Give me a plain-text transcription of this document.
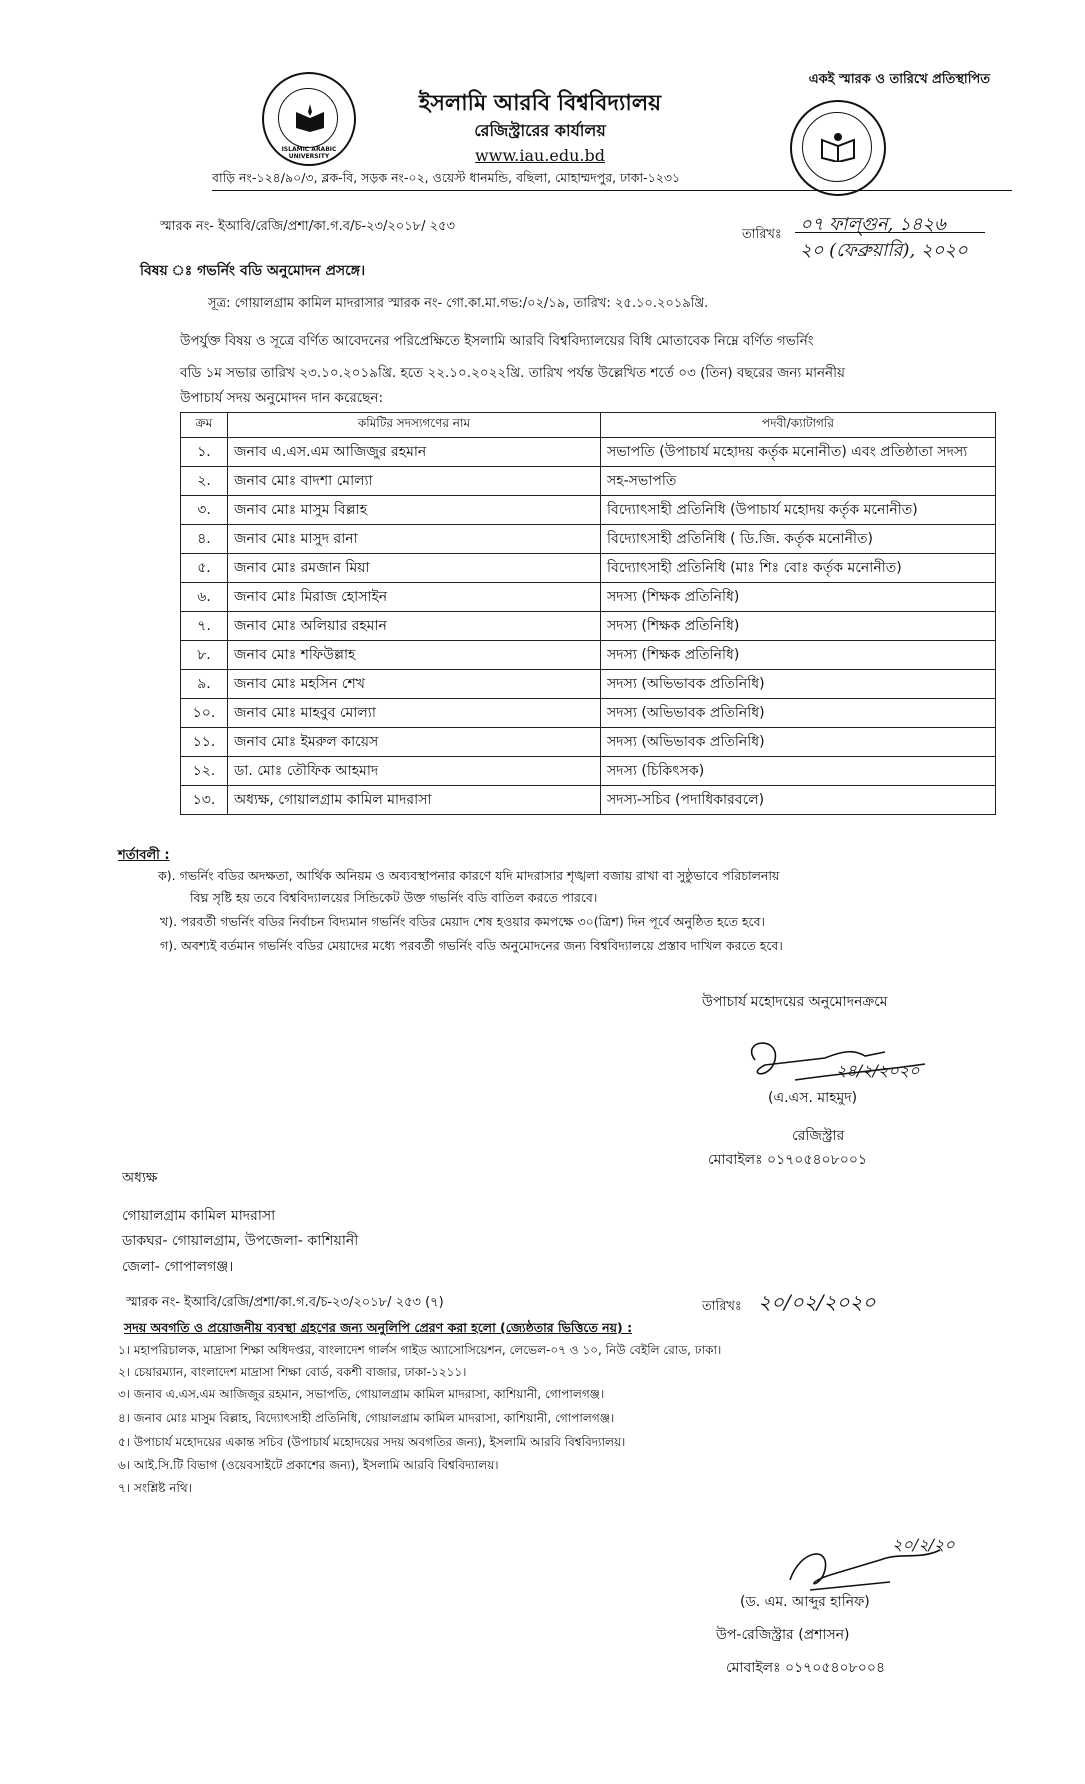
ISLAMIC ARABIC UNIVERSITY
ইসলামি আরবি বিশ্ববিদ্যালয়
রেজিস্ট্রারের কার্যালয়
www.iau.edu.bd
বাড়ি নং-১২৪/৯০/৩, ব্লক-বি, সড়ক নং-০২, ওয়েস্ট ধানমন্ডি, বছিলা, মোহাম্মদপুর, ঢাকা-১২৩১
একই স্মারক ও তারিখে প্রতিস্থাপিত
স্মারক নং- ইআবি/রেজি/প্রশা/কা.গ.ব/চ-২৩/২০১৮/ ২৫৩
তারিখঃ ০৭ ফাল্গুন, ১৪২৬
২০ (ফেব্রুয়ারি), ২০২০
বিষয় ঃ গভর্নিং বডি অনুমোদন প্রসঙ্গে।
সূত্র: গোয়ালগ্রাম কামিল মাদরাসার স্মারক নং- গো.কা.মা.গভ:/০২/১৯, তারিখ: ২৫.১০.২০১৯খ্রি.
উপর্যুক্ত বিষয় ও সূত্রে বর্ণিত আবেদনের পরিপ্রেক্ষিতে ইসলামি আরবি বিশ্ববিদ্যালয়ের বিধি মোতাবেক নিম্নে বর্ণিত গভর্নিং
বডি ১ম সভার তারিখ ২৩.১০.২০১৯খ্রি. হতে ২২.১০.২০২২খ্রি. তারিখ পর্যন্ত উল্লেখিত শর্তে ০৩ (তিন) বছরের জন্য মাননীয়
উপাচার্য সদয় অনুমোদন দান করেছেন:
ক্রম	কমিটির সদস্যগণের নাম	পদবী/ক্যাটাগরি
১.	জনাব এ.এস.এম আজিজুর রহমান	সভাপতি (উপাচার্য মহোদয় কর্তৃক মনোনীত) এবং প্রতিষ্ঠাতা সদস্য
২.	জনাব মোঃ বাদশা মোল্যা	সহ-সভাপতি
৩.	জনাব মোঃ মাসুম বিল্লাহ	বিদ্যোৎসাহী প্রতিনিধি (উপাচার্য মহোদয় কর্তৃক মনোনীত)
৪.	জনাব মোঃ মাসুদ রানা	বিদ্যোৎসাহী প্রতিনিধি ( ডি.জি. কর্তৃক মনোনীত)
৫.	জনাব মোঃ রমজান মিয়া	বিদ্যোৎসাহী প্রতিনিধি (মাঃ শিঃ বোঃ কর্তৃক মনোনীত)
৬.	জনাব মোঃ মিরাজ হোসাইন	সদস্য (শিক্ষক প্রতিনিধি)
৭.	জনাব মোঃ অলিয়ার রহমান	সদস্য (শিক্ষক প্রতিনিধি)
৮.	জনাব মোঃ শফিউল্লাহ	সদস্য (শিক্ষক প্রতিনিধি)
৯.	জনাব মোঃ মহসিন শেখ	সদস্য (অভিভাবক প্রতিনিধি)
১০.	জনাব মোঃ মাহবুব মোল্যা	সদস্য (অভিভাবক প্রতিনিধি)
১১.	জনাব মোঃ ইমরুল কায়েস	সদস্য (অভিভাবক প্রতিনিধি)
১২.	ডা. মোঃ তৌফিক আহমাদ	সদস্য (চিকিৎসক)
১৩.	অধ্যক্ষ, গোয়ালগ্রাম কামিল মাদরাসা	সদস্য-সচিব (পদাধিকারবলে)
শর্তাবলী :
ক). গভর্নিং বডির অদক্ষতা, আর্থিক অনিয়ম ও অব্যবস্থাপনার কারণে যদি মাদরাসার শৃঙ্খলা বজায় রাখা বা সুষ্ঠুভাবে পরিচালনায়
বিঘ্ন সৃষ্টি হয় তবে বিশ্ববিদ্যালয়ের সিন্ডিকেট উক্ত গভর্নিং বডি বাতিল করতে পারবে।
খ). পরবর্তী গভর্নিং বডির নির্বাচন বিদ্যমান গভর্নিং বডির মেয়াদ শেষ হওয়ার কমপক্ষে ৩০(ত্রিশ) দিন পূর্বে অনুষ্ঠিত হতে হবে।
গ). অবশ্যই বর্তমান গভর্নিং বডির মেয়াদের মধ্যে পরবর্তী গভর্নিং বডি অনুমোদনের জন্য বিশ্ববিদ্যালয়ে প্রস্তাব দাখিল করতে হবে।
উপাচার্য মহোদয়ের অনুমোদনক্রমে
২৪/২/২০২০
(এ.এস. মাহমুদ)
রেজিস্ট্রার
মোবাইলঃ ০১৭০৫৪০৮০০১
অধ্যক্ষ
গোয়ালগ্রাম কামিল মাদরাসা
ডাকঘর- গোয়ালগ্রাম, উপজেলা- কাশিয়ানী
জেলা- গোপালগঞ্জ।
স্মারক নং- ইআবি/রেজি/প্রশা/কা.গ.ব/চ-২৩/২০১৮/ ২৫৩ (৭)	তারিখঃ ২০/০২/২০২০
সদয় অবগতি ও প্রয়োজনীয় ব্যবস্থা গ্রহণের জন্য অনুলিপি প্রেরণ করা হলো (জ্যেষ্ঠতার ভিত্তিতে নয়) :
১। মহাপরিচালক, মাদ্রাসা শিক্ষা অধিদপ্তর, বাংলাদেশ গার্লস গাইড অ্যাসোসিয়েশন, লেভেল-০৭ ও ১০, নিউ বেইলি রোড, ঢাকা।
২। চেয়ারম্যান, বাংলাদেশ মাদ্রাসা শিক্ষা বোর্ড, বকশী বাজার, ঢাকা-১২১১।
৩। জনাব এ.এস.এম আজিজুর রহমান, সভাপতি, গোয়ালগ্রাম কামিল মাদরাসা, কাশিয়ানী, গোপালগঞ্জ।
৪। জনাব মোঃ মাসুম বিল্লাহ, বিদ্যোৎসাহী প্রতিনিধি, গোয়ালগ্রাম কামিল মাদরাসা, কাশিয়ানী, গোপালগঞ্জ।
৫। উপাচার্য মহোদয়ের একান্ত সচিব (উপাচার্য মহোদয়ের সদয় অবগতির জন্য), ইসলামি আরবি বিশ্ববিদ্যালয়।
৬। আই.সি.টি বিভাগ (ওয়েবসাইটে প্রকাশের জন্য), ইসলামি আরবি বিশ্ববিদ্যালয়।
৭। সংশ্লিষ্ট নথি।
২০/২/২০
(ড. এম. আব্দুর হানিফ)
উপ-রেজিস্ট্রার (প্রশাসন)
মোবাইলঃ ০১৭০৫৪০৮০০৪
